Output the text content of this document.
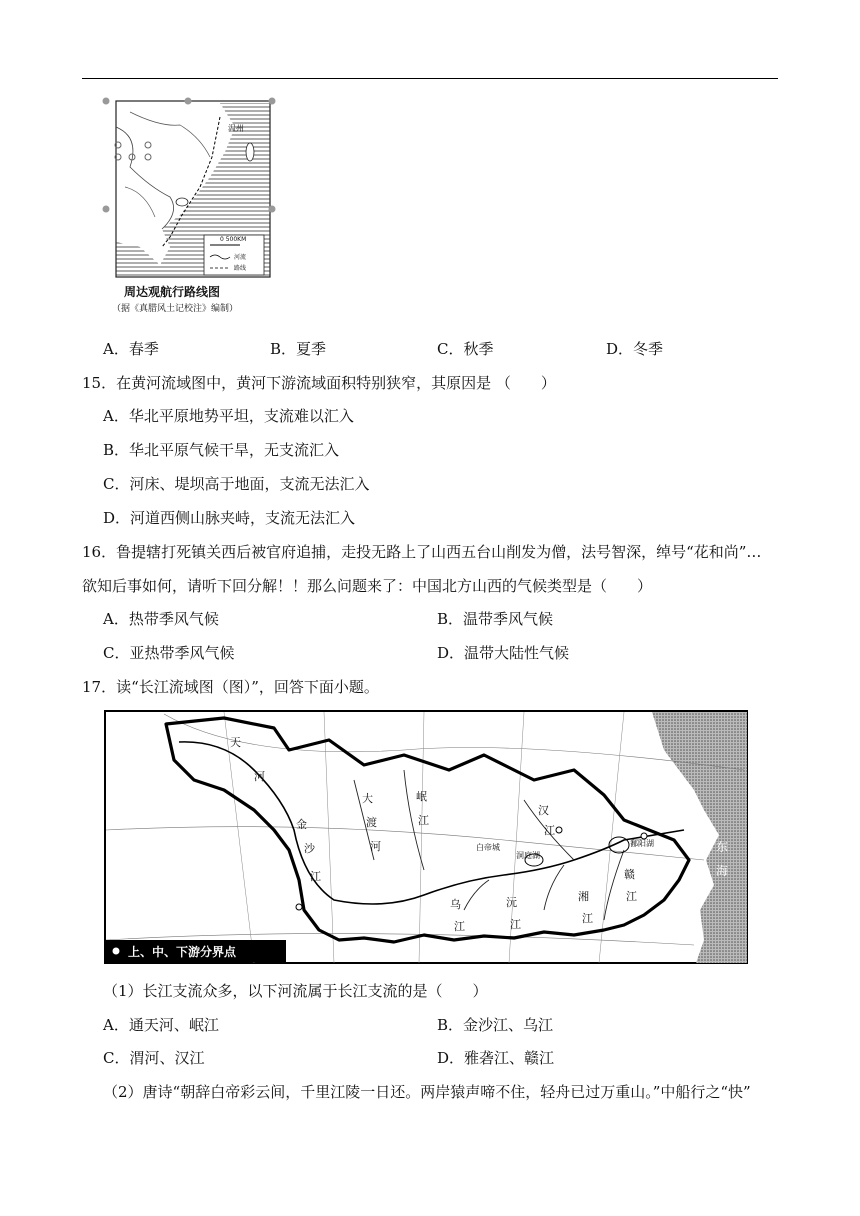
温州
0 500KM
河流
路线
周达观航行路线图
（据《真腊风土记校注》编制）
A．春季	B．夏季	C．秋季	D．冬季
15．在黄河流域图中，黄河下游流域面积特别狭窄，其原因是 （　　）
A．华北平原地势平坦，支流难以汇入
B．华北平原气候干旱，无支流汇入
C．河床、堤坝高于地面，支流无法汇入
D．河道西侧山脉夹峙，支流无法汇入
16．鲁提辖打死镇关西后被官府追捕，走投无路上了山西五台山削发为僧，法号智深，绰号“花和尚”…
欲知后事如何，请听下回分解！！那么问题来了：中国北方山西的气候类型是（　　）
A．热带季风气候	B．温带季风气候
C．亚热带季风气候	D．温带大陆性气候
17．读“长江流域图（图）”，回答下面小题。
上、中、下游分界点
天
河
金
沙
江
大
渡
河
岷
江
汉
江
乌
江
湘
江
沅
江
赣
江
东
海
鄱阳湖
洞庭湖
白帝城
（1）长江支流众多，以下河流属于长江支流的是（　　）
A．通天河、岷江	B．金沙江、乌江
C．渭河、汉江	D．雅砻江、赣江
（2）唐诗“朝辞白帝彩云间，千里江陵一日还。两岸猿声啼不住，轻舟已过万重山。”中船行之“快”
